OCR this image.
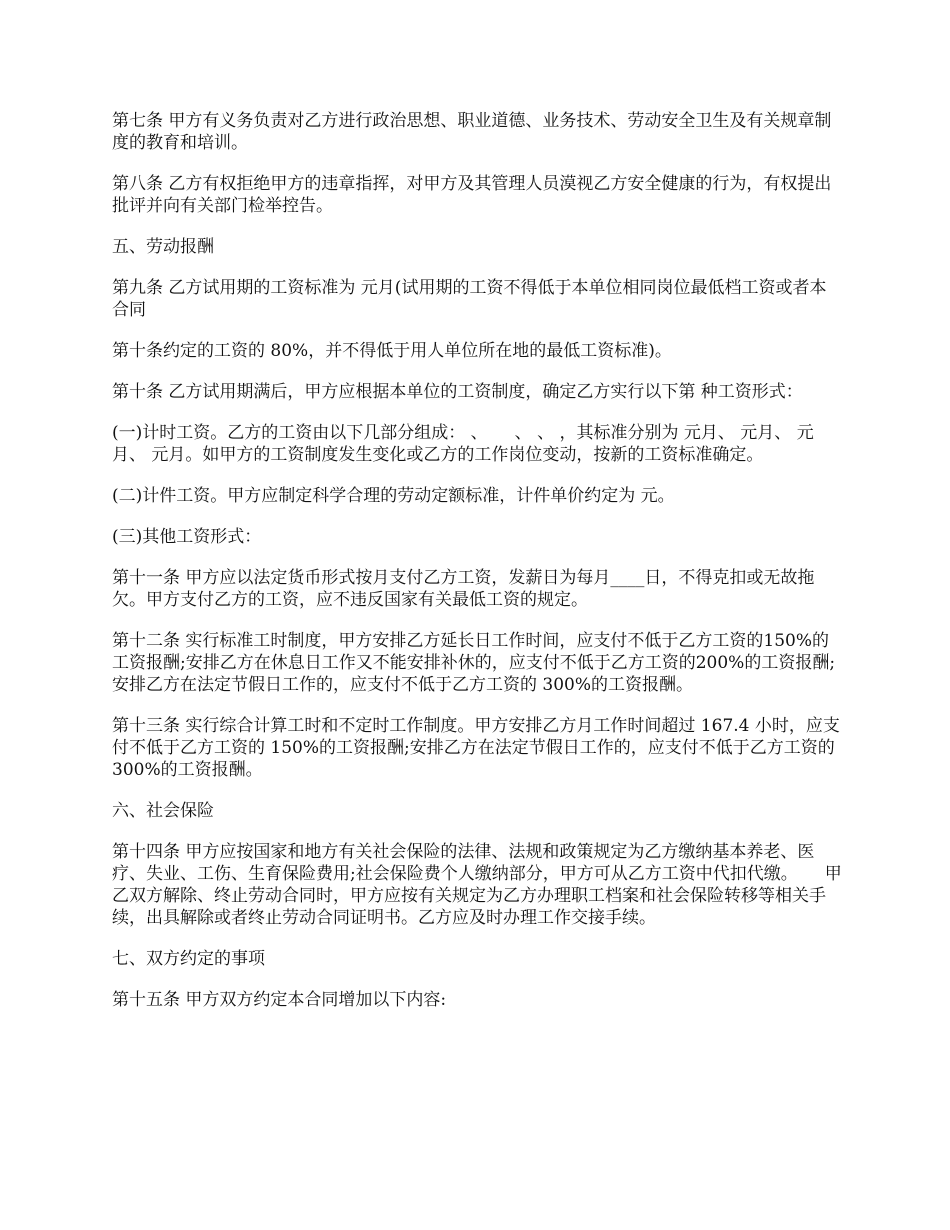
第七条 甲方有义务负责对乙方进行政治思想、职业道德、业务技术、劳动安全卫生及有关规章制度的教育和培训。

第八条 乙方有权拒绝甲方的违章指挥，对甲方及其管理人员漠视乙方安全健康的行为，有权提出批评并向有关部门检举控告。

五、劳动报酬

第九条 乙方试用期的工资标准为 元月(试用期的工资不得低于本单位相同岗位最低档工资或者本合同

第十条约定的工资的 80%，并不得低于用人单位所在地的最低工资标准)。

第十条 乙方试用期满后，甲方应根据本单位的工资制度，确定乙方实行以下第 种工资形式：

(一)计时工资。乙方的工资由以下几部分组成： 、     、 、 ，其标准分别为 元月、 元月、 元月、 元月。如甲方的工资制度发生变化或乙方的工作岗位变动，按新的工资标准确定。

(二)计件工资。甲方应制定科学合理的劳动定额标准，计件单价约定为 元。

(三)其他工资形式：

第十一条 甲方应以法定货币形式按月支付乙方工资，发薪日为每月____日，不得克扣或无故拖欠。甲方支付乙方的工资，应不违反国家有关最低工资的规定。

第十二条 实行标准工时制度，甲方安排乙方延长日工作时间，应支付不低于乙方工资的150%的工资报酬;安排乙方在休息日工作又不能安排补休的，应支付不低于乙方工资的200%的工资报酬;安排乙方在法定节假日工作的，应支付不低于乙方工资的 300%的工资报酬。

第十三条 实行综合计算工时和不定时工作制度。甲方安排乙方月工作时间超过 167.4 小时，应支付不低于乙方工资的 150%的工资报酬;安排乙方在法定节假日工作的，应支付不低于乙方工资的 300%的工资报酬。

六、社会保险

第十四条 甲方应按国家和地方有关社会保险的法律、法规和政策规定为乙方缴纳基本养老、医疗、失业、工伤、生育保险费用;社会保险费个人缴纳部分，甲方可从乙方工资中代扣代缴。     甲乙双方解除、终止劳动合同时，甲方应按有关规定为乙方办理职工档案和社会保险转移等相关手续，出具解除或者终止劳动合同证明书。乙方应及时办理工作交接手续。

七、双方约定的事项

第十五条 甲方双方约定本合同增加以下内容:
